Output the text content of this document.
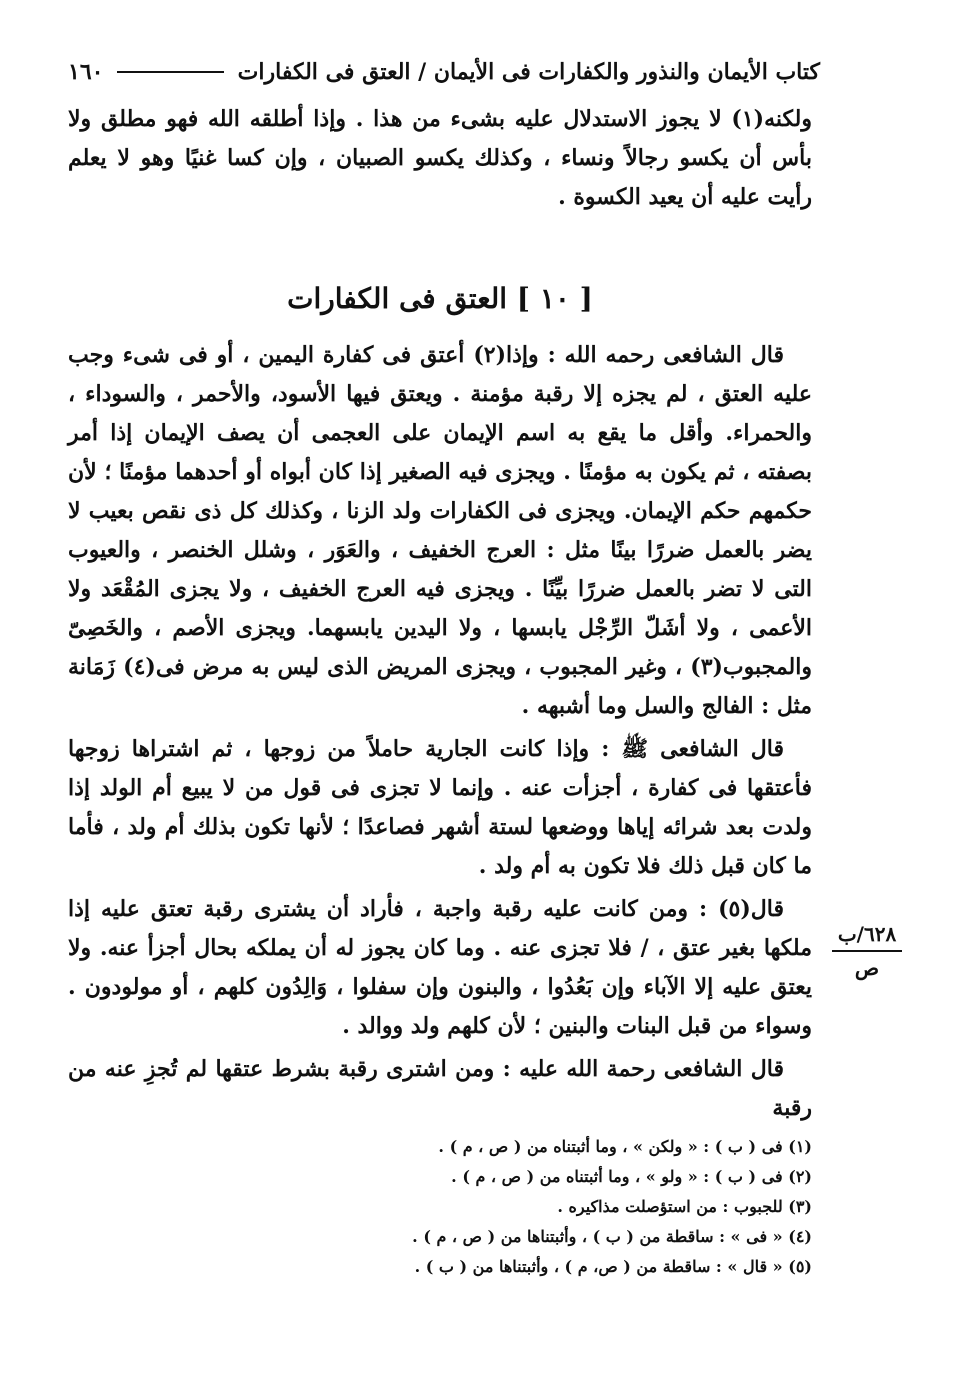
١٦٠	كتاب الأيمان والنذور والكفارات فى الأيمان / العتق فى الكفارات

ولكنه(١) لا يجوز الاستدلال عليه بشىء من هذا . وإذا أطلقه الله فهو مطلق ولا بأس أن يكسو رجالاً ونساء ، وكذلك يكسو الصبيان ، وإن كسا غنيًا وهو لا يعلم رأيت عليه أن يعيد الكسوة .

[ ١٠ ] العتق فى الكفارات

قال الشافعى رحمه الله : وإذا(٢) أعتق فى كفارة اليمين ، أو فى شىء وجب عليه العتق ، لم يجزه إلا رقبة مؤمنة . ويعتق فيها الأسود، والأحمر ، والسوداء ، والحمراء. وأقل ما يقع به اسم الإيمان على العجمى أن يصف الإيمان إذا أمر بصفته ، ثم يكون به مؤمنًا . ويجزى فيه الصغير إذا كان أبواه أو أحدهما مؤمنًا ؛ لأن حكمهم حكم الإيمان. ويجزى فى الكفارات ولد الزنا ، وكذلك كل ذى نقص بعيب لا يضر بالعمل ضررًا بينًا مثل : العرج الخفيف ، والعَوَر ، وشلل الخنصر ، والعيوب التى لا تضر بالعمل ضررًا بيِّنًا . ويجزى فيه العرج الخفيف ، ولا يجزى المُقْعَد ولا الأعمى ، ولا أشَلّ الرِّجْل يابسها ، ولا اليدين يابسهما. ويجزى الأصم ، والخَصِىّ والمجبوب(٣) ، وغير المجبوب ، ويجزى المريض الذى ليس به مرض فى(٤) زَمَانة مثل : الفالج والسل وما أشبهه .

قال الشافعى ﷺ : وإذا كانت الجارية حاملاً من زوجها ، ثم اشتراها زوجها فأعتقها فى كفارة ، أجزأت عنه . وإنما لا تجزى فى قول من لا يبيع أم الولد إذا ولدت بعد شرائه إياها ووضعها لستة أشهر فصاعدًا ؛ لأنها تكون بذلك أم ولد ، فأما ما كان قبل ذلك فلا تكون به أم ولد .

قال(٥) : ومن كانت عليه رقبة واجبة ، فأراد أن يشترى رقبة تعتق عليه إذا ملكها بغير عتق ، / فلا تجزى عنه . وما كان يجوز له أن يملكه بحال أجزأ عنه. ولا يعتق عليه إلا الآباء وإن بَعُدُوا ، والبنون وإن سفلوا ، وَالِدُون كلهم ، أو مولودون . وسواء من قبل البنات والبنين ؛ لأن كلهم ولد ووالد .

قال الشافعى رحمة الله عليه : ومن اشترى رقبة بشرط عتقها لم تُجزِ عنه من رقبة

٦٢٨/ب
ص
(١) فى ( ب ) : « ولكن » ، وما أثبتناه من ( ص ، م ) .
(٢) فى ( ب ) : « ولو » ، وما أثبتناه من ( ص ، م ) .
(٣) للجبوب : من استؤصلت مذاكيره .
(٤) « فى » : ساقطة من ( ب ) ، وأثبتناها من ( ص ، م ) .
(٥) « قال » : ساقطة من ( ص، م ) ، وأثبتناها من ( ب ) .
